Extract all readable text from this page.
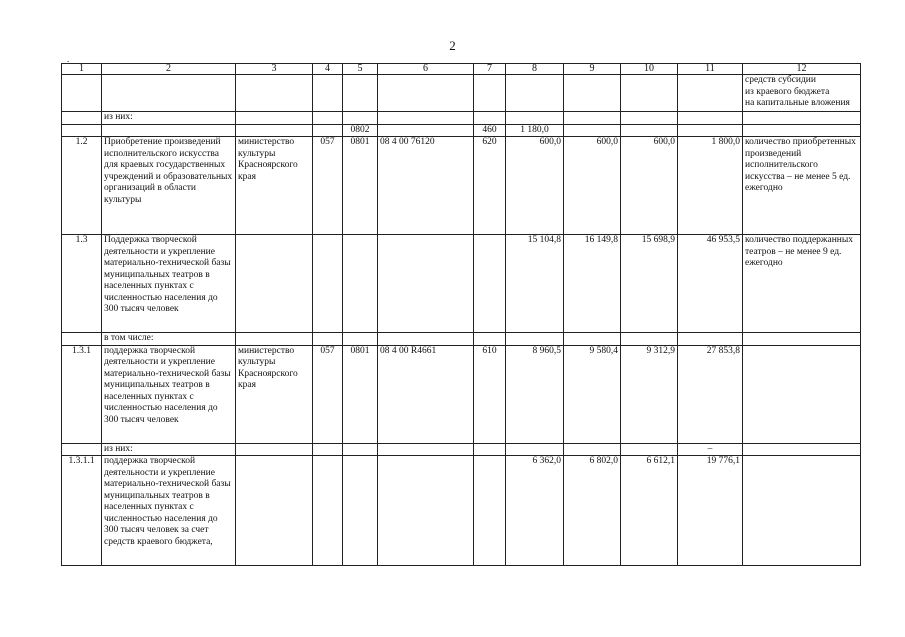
2
.
1	2	3	4	5	6	7	8	9	10	11	12
											средств субсидии
из краевого бюджета
на капитальные вложения
	из них:										
				0802		460	1 180,0				
1.2	Приобретение произведений исполнительского искусства для краевых государственных учреждений и образовательных организаций в области культуры	министерство культуры Красноярского края	057	0801	08 4 00 76120	620	600,0	600,0	600,0	1 800,0	количество приобретенных произведений исполнительского искусства – не менее 5 ед. ежегодно
1.3	Поддержка творческой деятельности и укрепление материально-технической базы муниципальных театров в населенных пунктах с численностью населения до 300 тысяч человек						15 104,8	16 149,8	15 698,9	46 953,5	количество поддержанных театров – не менее 9 ед. ежегодно
	в том числе:										
1.3.1	поддержка творческой деятельности и укрепление материально-технической базы муниципальных театров в населенных пунктах с численностью населения до 300 тысяч человек	министерство культуры Красноярского края	057	0801	08 4 00 R4661	610	8 960,5	9 580,4	9 312,9	27 853,8	
	из них:									–	
1.3.1.1	поддержка творческой деятельности и укрепление материально-технической базы муниципальных театров в населенных пунктах с численностью населения до 300 тысяч человек за счет средств краевого бюджета,						6 362,0	6 802,0	6 612,1	19 776,1	
